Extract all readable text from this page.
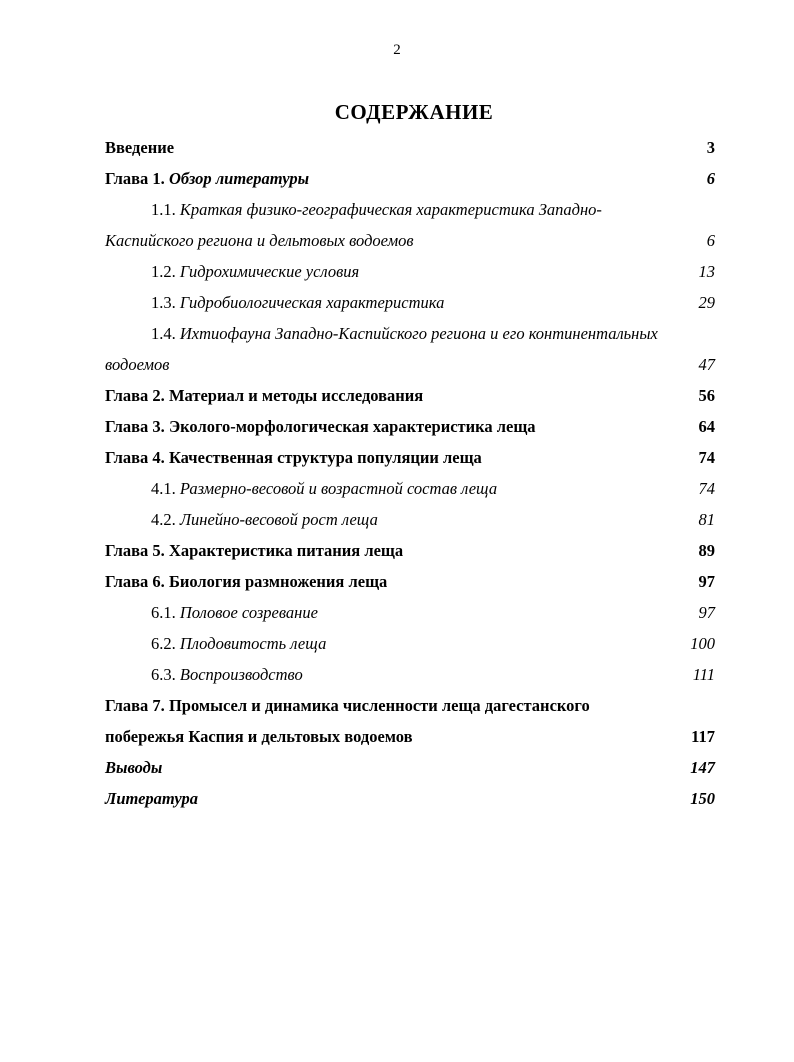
2
СОДЕРЖАНИЕ
Введение	3
Глава 1. Обзор литературы	6
1.1. Краткая физико-географическая характеристика Западно-
Каспийского региона и дельтовых водоемов	6
1.2. Гидрохимические условия	13
1.3. Гидробиологическая характеристика	29
1.4. Ихтиофауна Западно-Каспийского региона и его континентальных
водоемов	47
Глава 2. Материал и методы исследования	56
Глава 3. Эколого-морфологическая характеристика леща	64
Глава 4. Качественная структура популяции леща	74
4.1. Размерно-весовой и возрастной состав леща	74
4.2. Линейно-весовой рост леща	81
Глава 5. Характеристика питания леща	89
Глава 6. Биология размножения леща	97
6.1. Половое созревание	97
6.2. Плодовитость леща	100
6.3. Воспроизводство	111
Глава 7. Промысел и динамика численности леща дагестанского
побережья Каспия и дельтовых водоемов	117
Выводы	147
Литература	150
